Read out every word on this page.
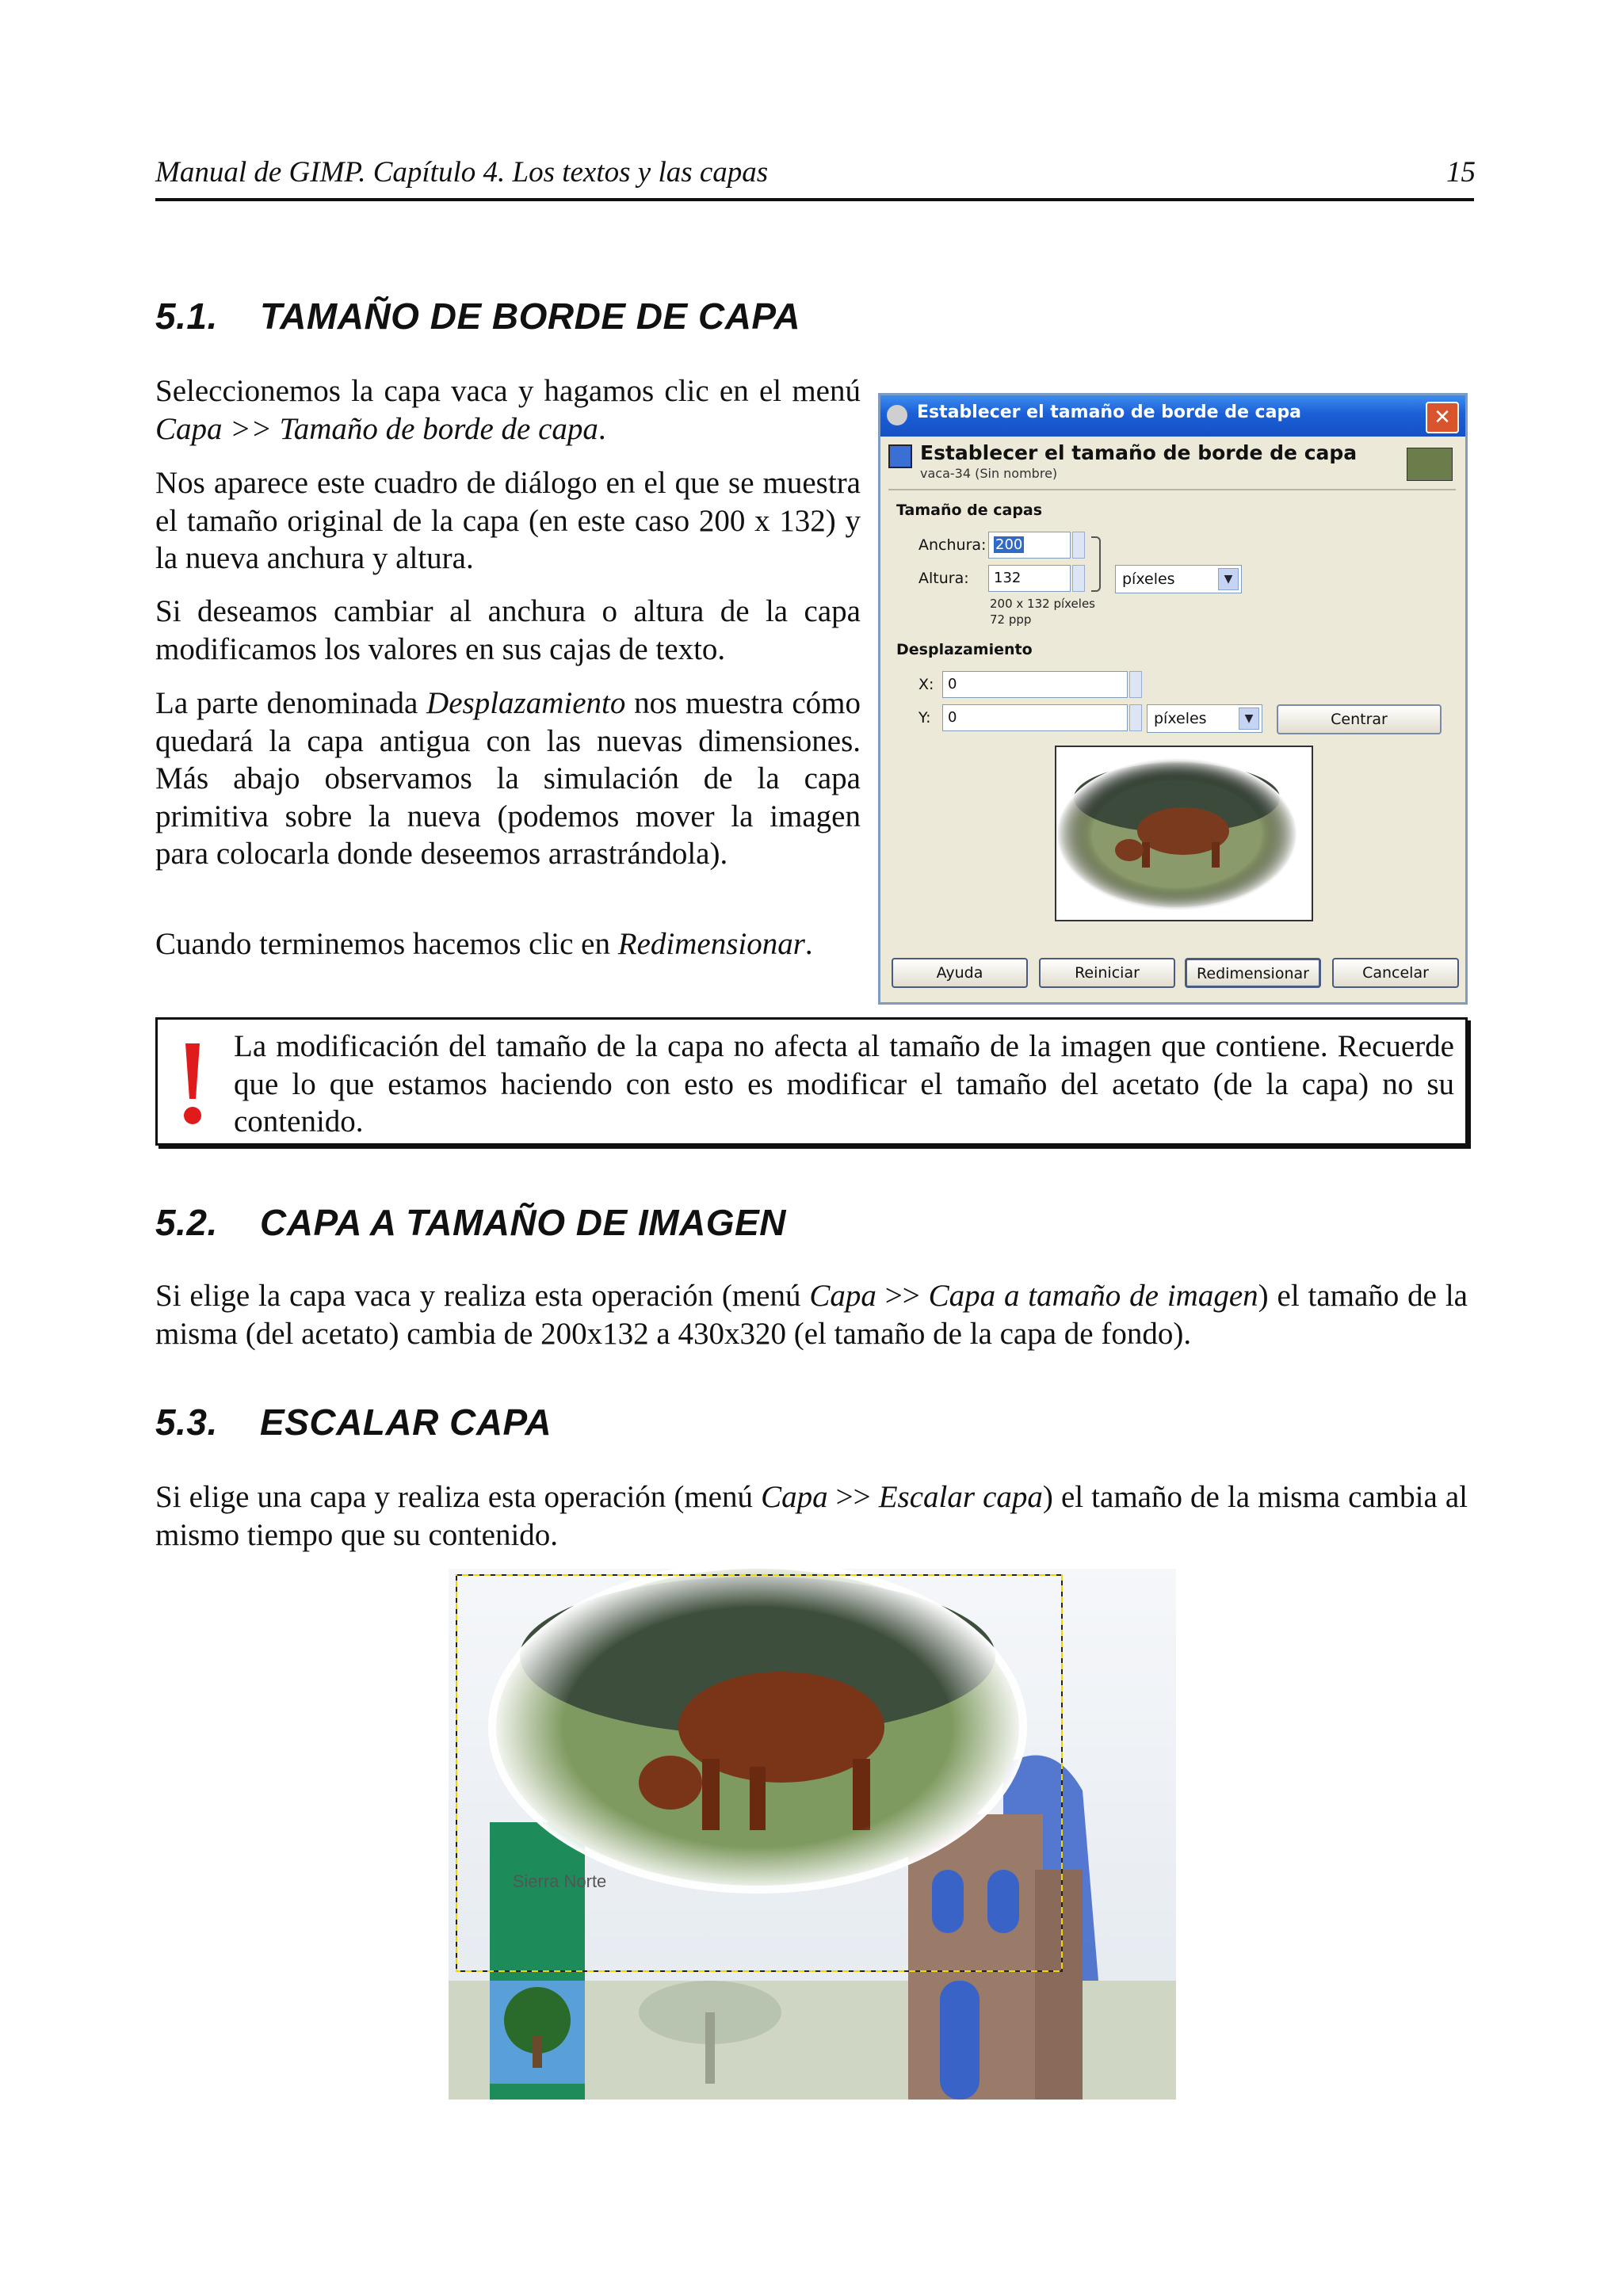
Manual de GIMP. Capítulo 4. Los textos y las capas	15
5.1. TAMAÑO DE BORDE DE CAPA

Seleccionemos la capa vaca y hagamos clic en el menú Capa >> Tamaño de borde de capa.

Nos aparece este cuadro de diálogo en el que se muestra el tamaño original de la capa (en este caso 200 x 132) y la nueva anchura y altura.

Si deseamos cambiar al anchura o altura de la capa modificamos los valores en sus cajas de texto.

La parte denominada Desplazamiento nos muestra cómo quedará la capa antigua con las nuevas dimensiones. Más abajo observamos la simulación de la capa primitiva sobre la nueva (podemos mover la imagen para colocarla donde deseemos arrastrándola).

Cuando terminemos hacemos clic en Redimensionar.

Establecer el tamaño de borde de capa	✕
Establecer el tamaño de borde de capa
vaca-34 (Sin nombre)
Tamaño de capas
Anchura: 200
Altura:	132	píxeles	▼
200 x 132 píxeles
72 ppp
Desplazamiento
X: 0
Y:	0	píxeles	▼	Centrar
Ayuda	Reiniciar	Redimensionar	Cancelar
La modificación del tamaño de la capa no afecta al tamaño de la imagen que contiene. Recuerde que lo que estamos haciendo con esto es modificar el tamaño del acetato (de la capa) no su contenido.
5.2. CAPA A TAMAÑO DE IMAGEN

Si elige la capa vaca y realiza esta operación (menú Capa >> Capa a tamaño de imagen) el tamaño de la misma (del acetato) cambia de 200x132 a 430x320 (el tamaño de la capa de fondo).

5.3. ESCALAR CAPA

Si elige una capa y realiza esta operación (menú Capa >> Escalar capa) el tamaño de la misma cambia al mismo tiempo que su contenido.

Sierra Norte
